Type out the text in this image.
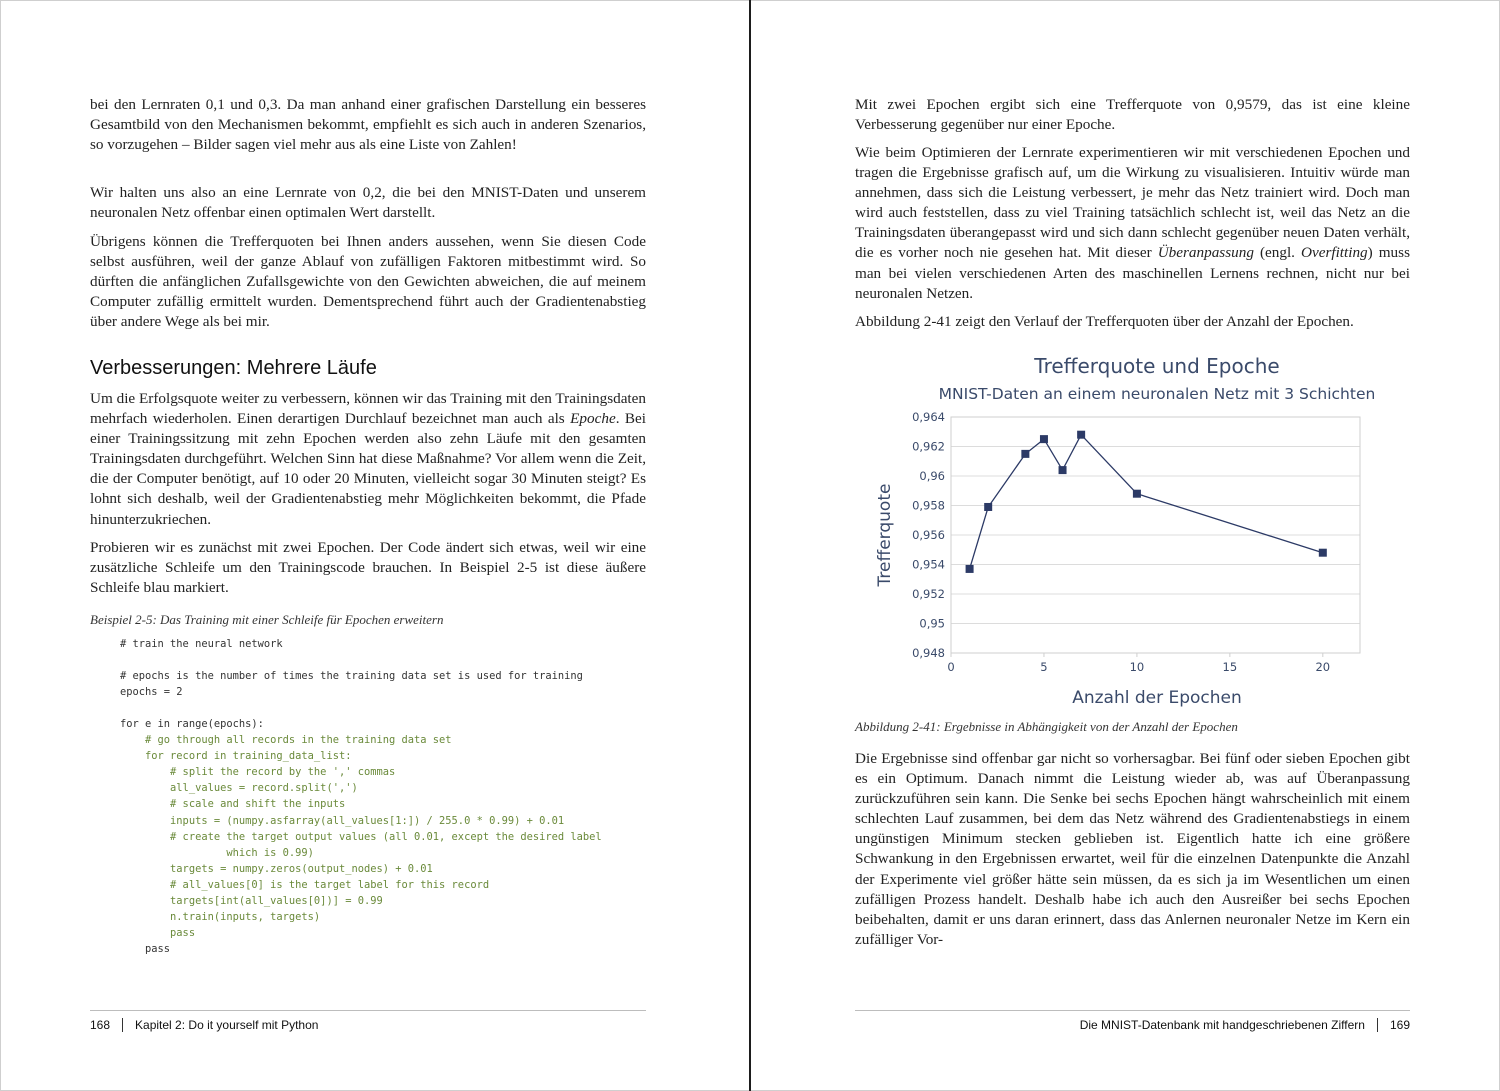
bei den Lernraten 0,1 und 0,3. Da man anhand einer grafischen Darstellung ein besseres Gesamtbild von den Mechanismen bekommt, empfiehlt es sich auch in anderen Szenarios, so vorzugehen – Bilder sagen viel mehr aus als eine Liste von Zahlen!

Wir halten uns also an eine Lernrate von 0,2, die bei den MNIST-Daten und unserem neuronalen Netz offenbar einen optimalen Wert darstellt.

Übrigens können die Trefferquoten bei Ihnen anders aussehen, wenn Sie diesen Code selbst ausführen, weil der ganze Ablauf von zufälligen Faktoren mitbestimmt wird. So dürften die anfänglichen Zufallsgewichte von den Gewichten abweichen, die auf meinem Computer zufällig ermittelt wurden. Dementsprechend führt auch der Gradientenabstieg über andere Wege als bei mir.

Verbesserungen: Mehrere Läufe

Um die Erfolgsquote weiter zu verbessern, können wir das Training mit den Trainingsdaten mehrfach wiederholen. Einen derartigen Durchlauf bezeichnet man auch als Epoche. Bei einer Trainingssitzung mit zehn Epochen werden also zehn Läufe mit den gesamten Trainingsdaten durchgeführt. Welchen Sinn hat diese Maßnahme? Vor allem wenn die Zeit, die der Computer benötigt, auf 10 oder 20 Minuten, vielleicht sogar 30 Minuten steigt? Es lohnt sich deshalb, weil der Gradientenabstieg mehr Möglichkeiten bekommt, die Pfade hinunterzukriechen.

Probieren wir es zunächst mit zwei Epochen. Der Code ändert sich etwas, weil wir eine zusätzliche Schleife um den Trainingscode brauchen. In Beispiel 2-5 ist diese äußere Schleife blau markiert.

Beispiel 2-5: Das Training mit einer Schleife für Epochen erweitern

# train the neural network

# epochs is the number of times the training data set is used for training
epochs = 2

for e in range(epochs):
# go through all records in the training data set
for record in training_data_list:
# split the record by the ',' commas
all_values = record.split(',')
# scale and shift the inputs
inputs = (numpy.asfarray(all_values[1:]) / 255.0 * 0.99) + 0.01
# create the target output values (all 0.01, except the desired label
which is 0.99)
targets = numpy.zeros(output_nodes) + 0.01
# all_values[0] is the target label for this record
targets[int(all_values[0])] = 0.99
n.train(inputs, targets)
pass
pass
168 Kapitel 2: Do it yourself mit Python

Mit zwei Epochen ergibt sich eine Trefferquote von 0,9579, das ist eine kleine Verbesserung gegenüber nur einer Epoche.

Wie beim Optimieren der Lernrate experimentieren wir mit verschiedenen Epochen und tragen die Ergebnisse grafisch auf, um die Wirkung zu visualisieren. Intuitiv würde man annehmen, dass sich die Leistung verbessert, je mehr das Netz trainiert wird. Doch man wird auch feststellen, dass zu viel Training tatsächlich schlecht ist, weil das Netz an die Trainingsdaten überangepasst wird und sich dann schlecht gegenüber neuen Daten verhält, die es vorher noch nie gesehen hat. Mit dieser Überanpassung (engl. Overfitting) muss man bei vielen verschiedenen Arten des maschinellen Lernens rechnen, nicht nur bei neuronalen Netzen.

Abbildung 2-41 zeigt den Verlauf der Trefferquoten über der Anzahl der Epochen.

Trefferquote und Epoche
MNIST-Daten an einem neuronalen Netz mit 3 Schichten
0,948
0,95
0,952
0,954
0,956
0,958
0,96
0,962
0,964
0	5	10	15	20
Trefferquote
Anzahl der Epochen

Abbildung 2-41: Ergebnisse in Abhängigkeit von der Anzahl der Epochen

Die Ergebnisse sind offenbar gar nicht so vorhersagbar. Bei fünf oder sieben Epochen gibt es ein Optimum. Danach nimmt die Leistung wieder ab, was auf Überanpassung zurückzuführen sein kann. Die Senke bei sechs Epochen hängt wahrscheinlich mit einem schlechten Lauf zusammen, bei dem das Netz während des Gradientenabstiegs in einem ungünstigen Minimum stecken geblieben ist. Eigentlich hatte ich eine größere Schwankung in den Ergebnissen erwartet, weil für die einzelnen Datenpunkte die Anzahl der Experimente viel größer hätte sein müssen, da es sich ja im Wesentlichen um einen zufälligen Prozess handelt. Deshalb habe ich auch den Ausreißer bei sechs Epochen beibehalten, damit er uns daran erinnert, dass das Anlernen neuronaler Netze im Kern ein zufälliger Vor-

Die MNIST-Datenbank mit handgeschriebenen Ziffern 169
